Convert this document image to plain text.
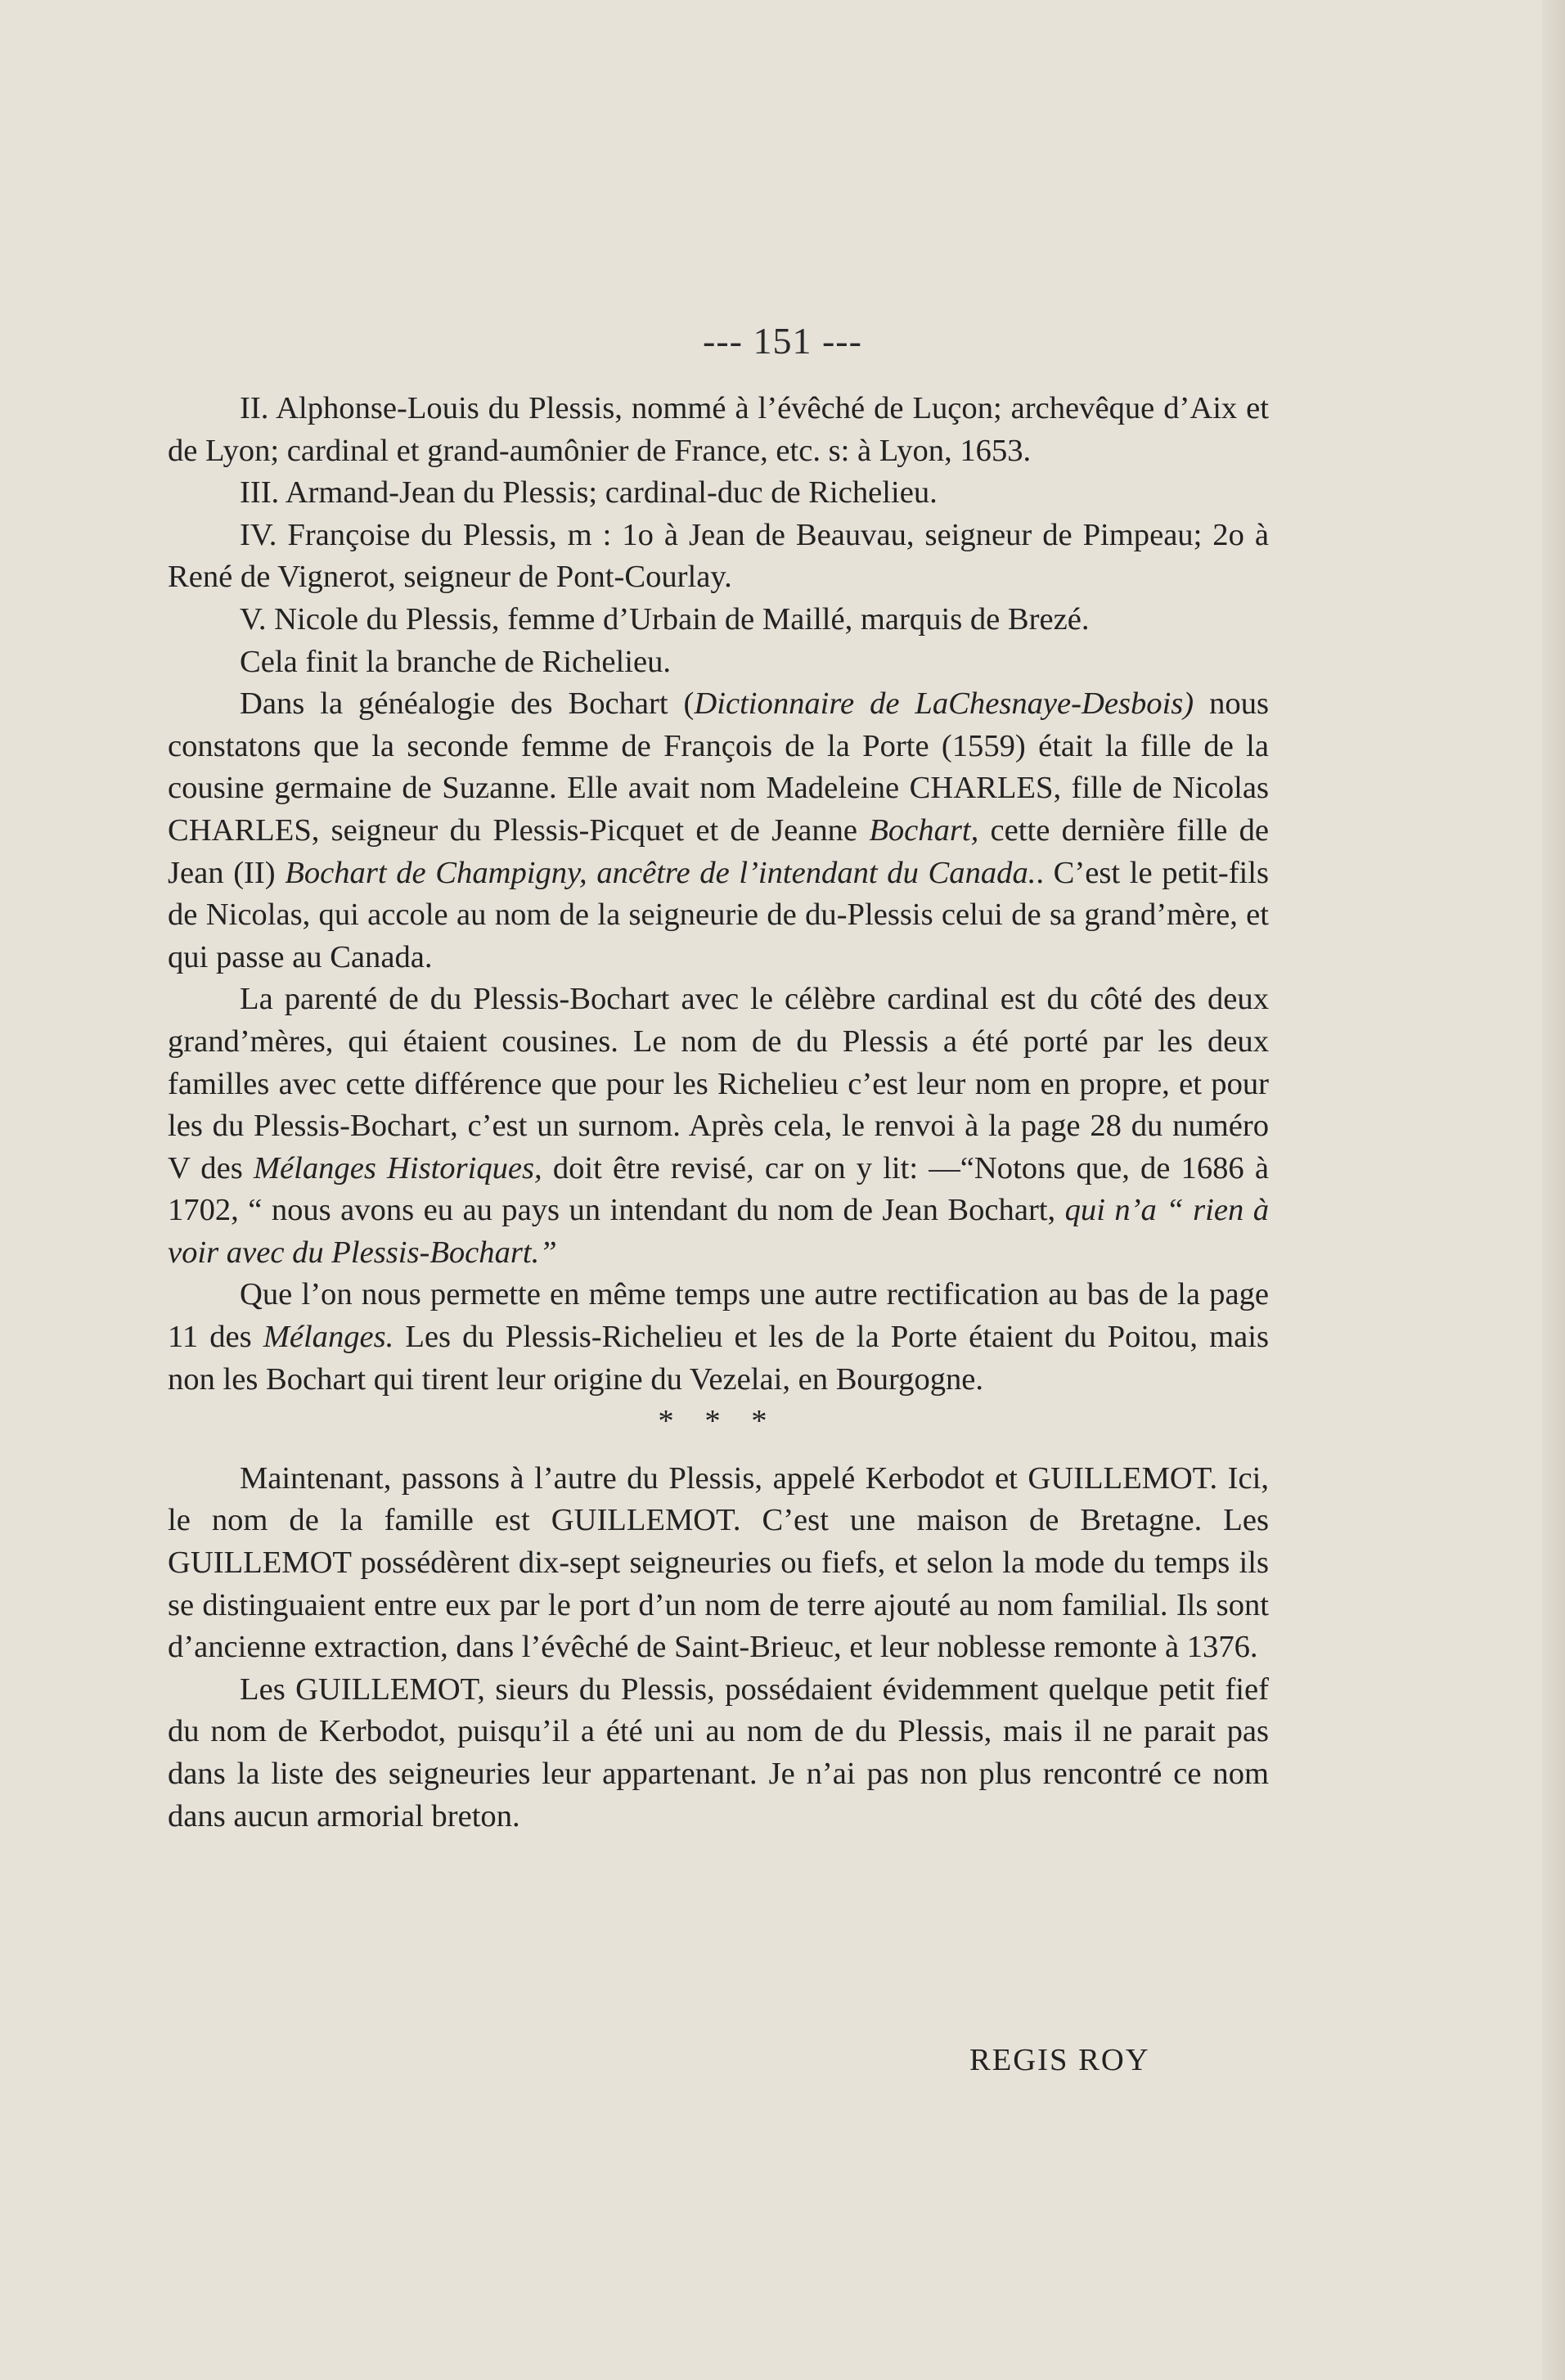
--- 151 ---

II. Alphonse-Louis du Plessis, nommé à l’évêché de Luçon; archevêque d’Aix et de Lyon; cardinal et grand-aumônier de France, etc. s: à Lyon, 1653.

III. Armand-Jean du Plessis; cardinal-duc de Richelieu.

IV. Françoise du Plessis, m : 1o à Jean de Beauvau, seigneur de Pimpeau; 2o à René de Vignerot, seigneur de Pont-Courlay.

V. Nicole du Plessis, femme d’Urbain de Maillé, marquis de Brezé.

Cela finit la branche de Richelieu.

Dans la généalogie des Bochart (Dictionnaire de LaChesnaye-Desbois) nous constatons que la seconde femme de François de la Porte (1559) était la fille de la cousine germaine de Suzanne. Elle avait nom Madeleine CHARLES, fille de Nicolas CHARLES, seigneur du Plessis-Picquet et de Jeanne Bochart, cette dernière fille de Jean (II) Bochart de Champigny, ancêtre de l’intendant du Canada.. C’est le petit-fils de Nicolas, qui accole au nom de la seigneurie de du-Plessis celui de sa grand’mère, et qui passe au Canada.

La parenté de du Plessis-Bochart avec le célèbre cardinal est du côté des deux grand’mères, qui étaient cousines. Le nom de du Plessis a été porté par les deux familles avec cette différence que pour les Richelieu c’est leur nom en propre, et pour les du Plessis-Bochart, c’est un surnom. Après cela, le renvoi à la page 28 du numéro V des Mélanges Historiques, doit être revisé, car on y lit: —“Notons que, de 1686 à 1702, “ nous avons eu au pays un intendant du nom de Jean Bochart, qui n’a “ rien à voir avec du Plessis-Bochart.”

Que l’on nous permette en même temps une autre rectification au bas de la page 11 des Mélanges. Les du Plessis-Richelieu et les de la Porte étaient du Poitou, mais non les Bochart qui tirent leur origine du Vezelai, en Bourgogne.

* * *

Maintenant, passons à l’autre du Plessis, appelé Kerbodot et GUILLEMOT. Ici, le nom de la famille est GUILLEMOT. C’est une maison de Bretagne. Les GUILLEMOT possédèrent dix-sept seigneuries ou fiefs, et selon la mode du temps ils se distinguaient entre eux par le port d’un nom de terre ajouté au nom familial. Ils sont d’ancienne extraction, dans l’évêché de Saint-Brieuc, et leur noblesse remonte à 1376.

Les GUILLEMOT, sieurs du Plessis, possédaient évidemment quelque petit fief du nom de Kerbodot, puisqu’il a été uni au nom de du Plessis, mais il ne parait pas dans la liste des seigneuries leur appartenant. Je n’ai pas non plus rencontré ce nom dans aucun armorial breton.

REGIS ROY
